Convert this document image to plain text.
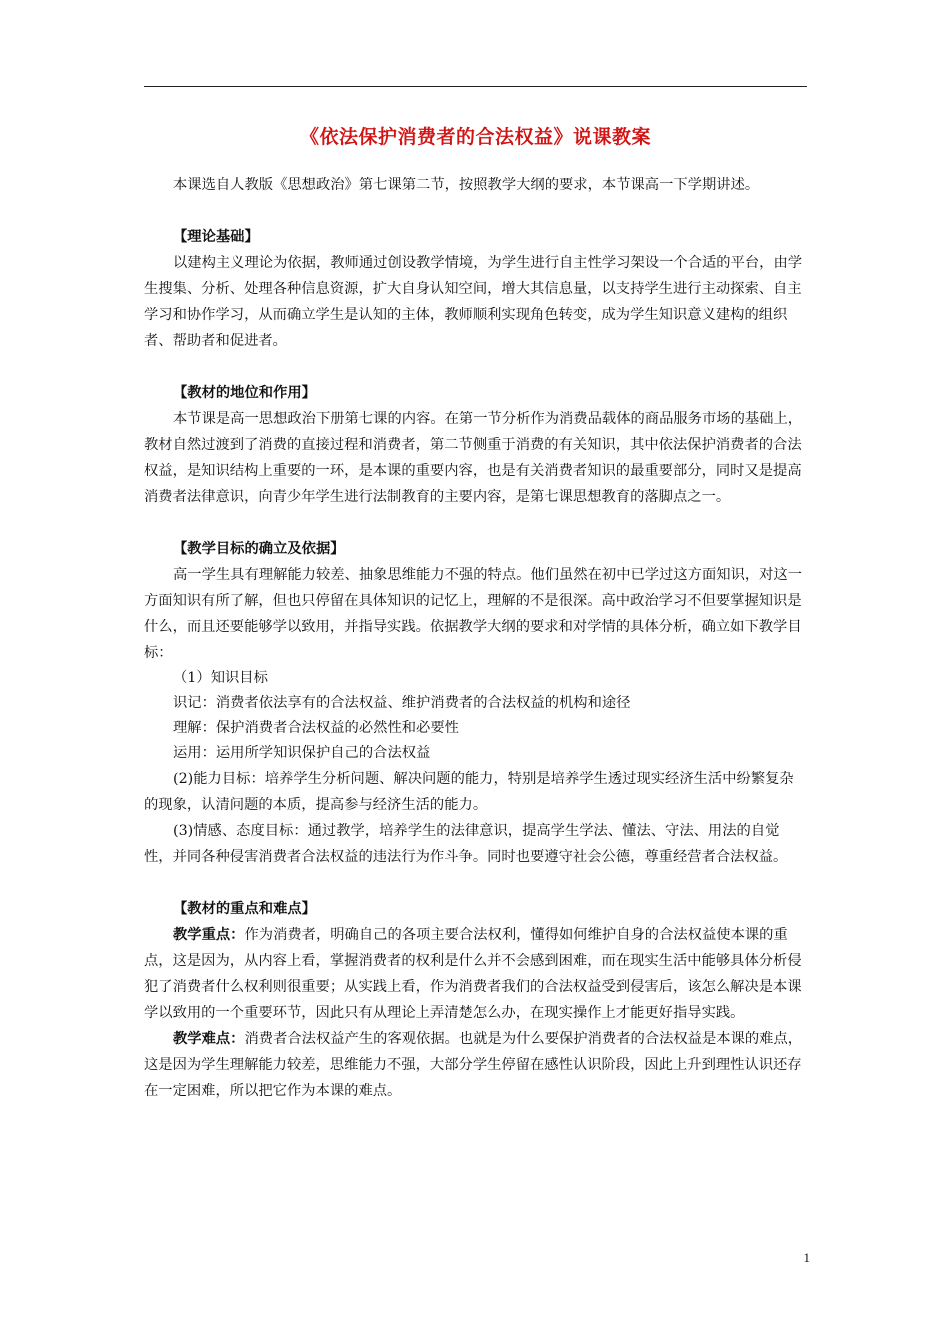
《依法保护消费者的合法权益》说课教案

本课选自人教版《思想政治》第七课第二节，按照教学大纲的要求，本节课高一下学期讲述。

【理论基础】

以建构主义理论为依据，教师通过创设教学情境，为学生进行自主性学习架设一个合适的平台，由学生搜集、分析、处理各种信息资源，扩大自身认知空间，增大其信息量，以支持学生进行主动探索、自主学习和协作学习，从而确立学生是认知的主体，教师顺利实现角色转变，成为学生知识意义建构的组织者、帮助者和促进者。

【教材的地位和作用】

本节课是高一思想政治下册第七课的内容。在第一节分析作为消费品载体的商品服务市场的基础上，教材自然过渡到了消费的直接过程和消费者，第二节侧重于消费的有关知识，其中依法保护消费者的合法权益，是知识结构上重要的一环，是本课的重要内容，也是有关消费者知识的最重要部分，同时又是提高消费者法律意识，向青少年学生进行法制教育的主要内容，是第七课思想教育的落脚点之一。

【教学目标的确立及依据】

高一学生具有理解能力较差、抽象思维能力不强的特点。他们虽然在初中已学过这方面知识，对这一方面知识有所了解，但也只停留在具体知识的记忆上，理解的不是很深。高中政治学习不但要掌握知识是什么，而且还要能够学以致用，并指导实践。依据教学大纲的要求和对学情的具体分析，确立如下教学目标：

（1）知识目标

识记：消费者依法享有的合法权益、维护消费者的合法权益的机构和途径

理解：保护消费者合法权益的必然性和必要性

运用：运用所学知识保护自己的合法权益

(2)能力目标：培养学生分析问题、解决问题的能力，特别是培养学生透过现实经济生活中纷繁复杂的现象，认清问题的本质，提高参与经济生活的能力。

(3)情感、态度目标：通过教学，培养学生的法律意识，提高学生学法、懂法、守法、用法的自觉性，并同各种侵害消费者合法权益的违法行为作斗争。同时也要遵守社会公德，尊重经营者合法权益。

【教材的重点和难点】

教学重点：作为消费者，明确自己的各项主要合法权利，懂得如何维护自身的合法权益使本课的重点，这是因为，从内容上看，掌握消费者的权利是什么并不会感到困难，而在现实生活中能够具体分析侵犯了消费者什么权利则很重要；从实践上看，作为消费者我们的合法权益受到侵害后，该怎么解决是本课学以致用的一个重要环节，因此只有从理论上弄清楚怎么办，在现实操作上才能更好指导实践。

教学难点：消费者合法权益产生的客观依据。也就是为什么要保护消费者的合法权益是本课的难点，这是因为学生理解能力较差，思维能力不强，大部分学生停留在感性认识阶段，因此上升到理性认识还存在一定困难，所以把它作为本课的难点。

1
